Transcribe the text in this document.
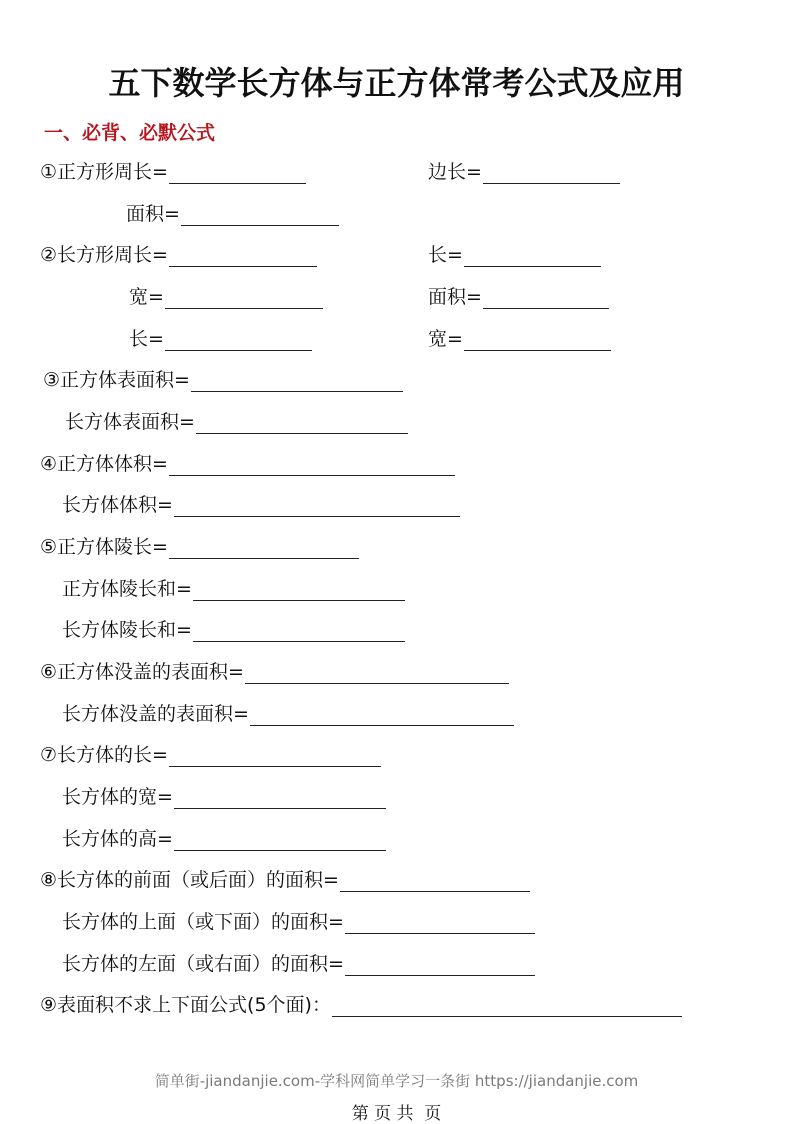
五下数学长方体与正方体常考公式及应用
一、必背、必默公式
①正方形周长=	边长=
面积=
②长方形周长=	长=
宽=	面积=
长=	宽=
③正方体表面积=
长方体表面积=
④正方体体积=
长方体体积=
⑤正方体陵长=
正方体陵长和=
长方体陵长和=
⑥正方体没盖的表面积=
长方体没盖的表面积=
⑦长方体的长=
长方体的宽=
长方体的高=
⑧长方体的前面（或后面）的面积=
长方体的上面（或下面）的面积=
长方体的左面（或右面）的面积=
⑨表面积不求上下面公式(5个面)：
简单街-jiandanjie.com-学科网简单学习一条街 https://jiandanjie.com
第 页 共  页
